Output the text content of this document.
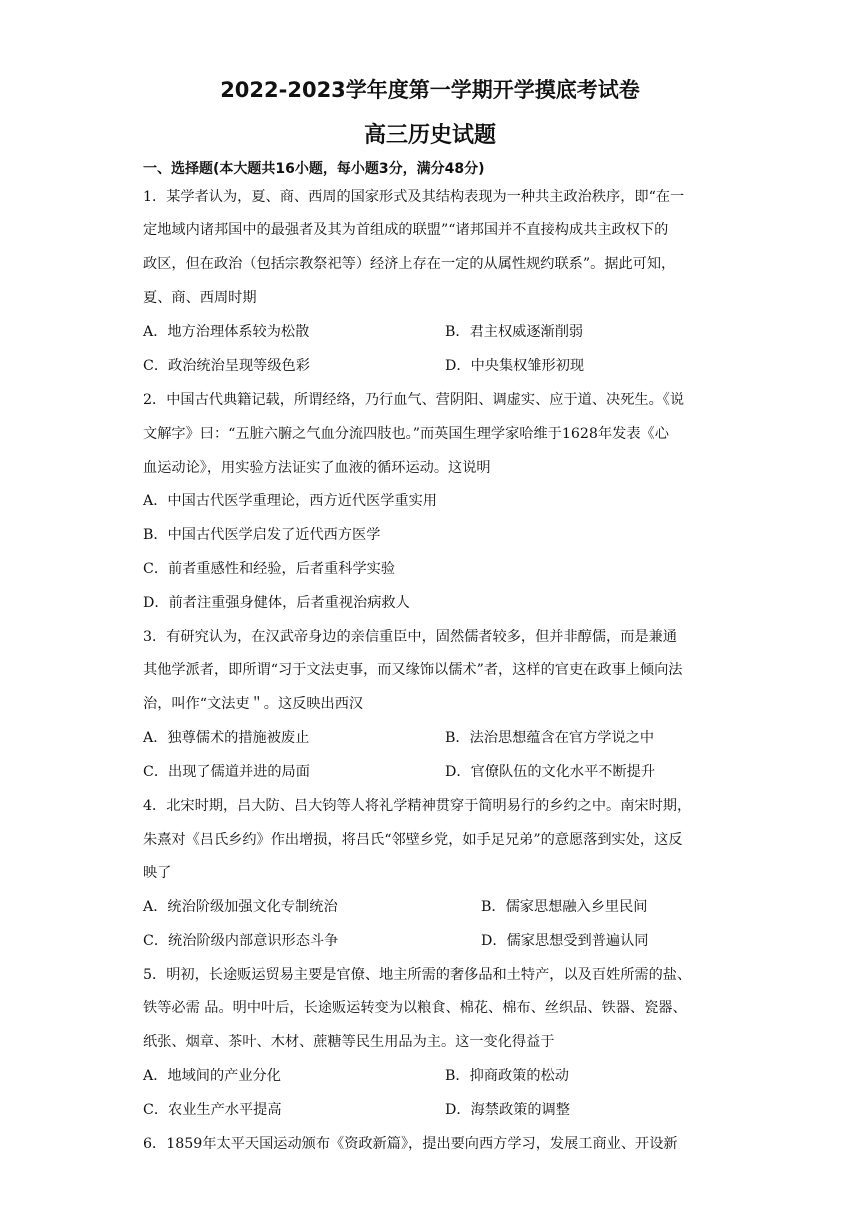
2022-2023学年度第一学期开学摸底考试卷
高三历史试题
一、选择题(本大题共16小题，每小题3分，满分48分)
1．某学者认为，夏、商、西周的国家形式及其结构表现为一种共主政治秩序，即“在一
定地域内诸邦国中的最强者及其为首组成的联盟”“诸邦国并不直接构成共主政权下的
政区，但在政治（包括宗教祭祀等）经济上存在一定的从属性规约联系”。据此可知，
夏、商、西周时期
A．地方治理体系较为松散	B．君主权威逐渐削弱
C．政治统治呈现等级色彩	D．中央集权雏形初现
2．中国古代典籍记载，所谓经络，乃行血气、营阴阳、调虚实、应于道、决死生。《说
文解字》曰：“五脏六腑之气血分流四肢也。”而英国生理学家哈维于1628年发表《心
血运动论》，用实验方法证实了血液的循环运动。这说明
A．中国古代医学重理论，西方近代医学重实用
B．中国古代医学启发了近代西方医学
C．前者重感性和经验，后者重科学实验
D．前者注重强身健体，后者重视治病救人
3．有研究认为，在汉武帝身边的亲信重臣中，固然儒者较多，但并非醇儒，而是兼通
其他学派者，即所谓“习于文法吏事，而又缘饰以儒术”者，这样的官吏在政事上倾向法
治，叫作“文法吏＂。这反映出西汉
A．独尊儒术的措施被废止	B．法治思想蕴含在官方学说之中
C．出现了儒道并进的局面	D．官僚队伍的文化水平不断提升
4．北宋时期，吕大防、吕大钧等人将礼学精神贯穿于简明易行的乡约之中。南宋时期，
朱熹对《吕氏乡约》作出增损，将吕氏“邻壁乡党，如手足兄弟”的意愿落到实处，这反
映了
A．统治阶级加强文化专制统治	B．儒家思想融入乡里民间
C．统治阶级内部意识形态斗争	D．儒家思想受到普遍认同
5．明初，长途贩运贸易主要是官僚、地主所需的奢侈品和土特产，以及百姓所需的盐、
铁等必需 品。明中叶后，长途贩运转变为以粮食、棉花、棉布、丝织品、铁器、瓷器、
纸张、烟章、茶叶、木材、蔗糖等民生用品为主。这一变化得益于
A．地域间的产业分化	B．抑商政策的松动
C．农业生产水平提高	D．海禁政策的调整
6．1859年太平天国运动颁布《资政新篇》，提出要向西方学习，发展工商业、开设新
